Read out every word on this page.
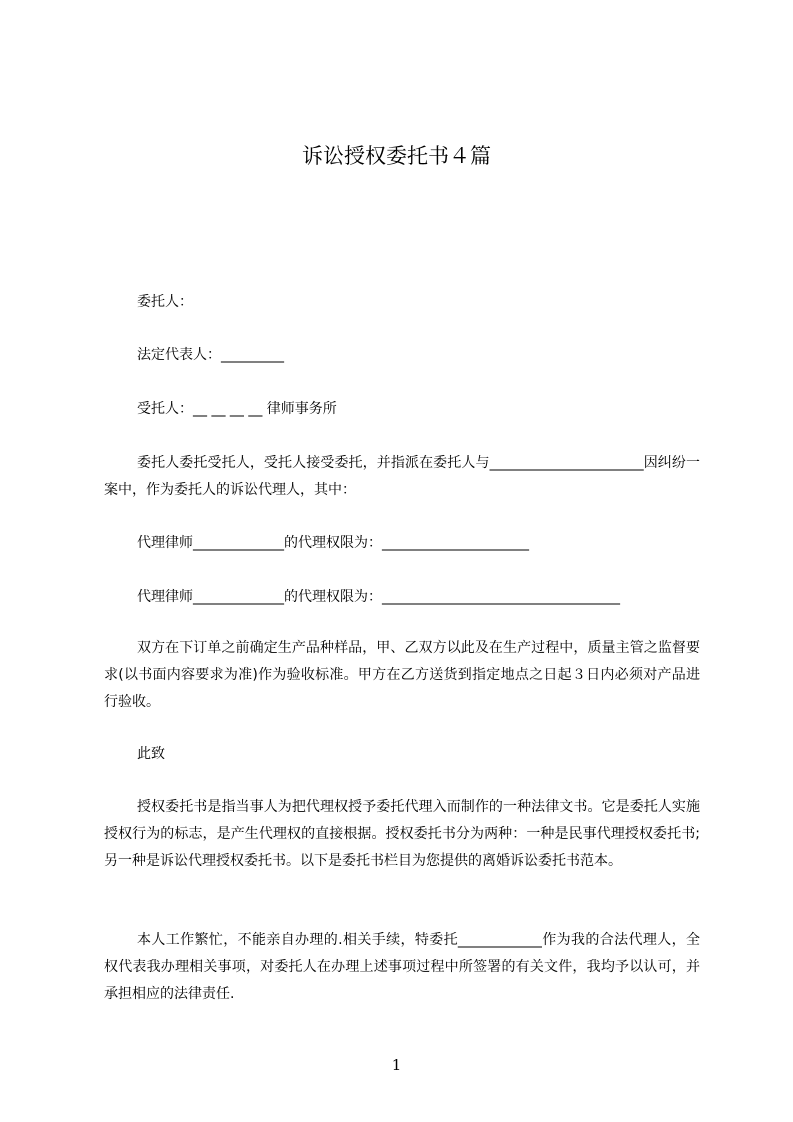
诉讼授权委托书４篇

委托人：

法定代表人：_________

受托人：__ __ __ __ 律师事务所

委托人委托受托人，受托人接受委托，并指派在委托人与______________________因纠纷一案中，作为委托人的诉讼代理人，其中：

代理律师_____________的代理权限为：_____________________

代理律师_____________的代理权限为：__________________________________

双方在下订单之前确定生产品种样品，甲、乙双方以此及在生产过程中，质量主管之监督要求(以书面内容要求为准)作为验收标准。甲方在乙方送货到指定地点之日起３日内必须对产品进行验收。

此致

授权委托书是指当事人为把代理权授予委托代理入而制作的一种法律文书。它是委托人实施授权行为的标志，是产生代理权的直接根据。授权委托书分为两种：一种是民事代理授权委托书;另一种是诉讼代理授权委托书。以下是委托书栏目为您提供的离婚诉讼委托书范本。

本人工作繁忙，不能亲自办理的.相关手续，特委托____________作为我的合法代理人，全权代表我办理相关事项，对委托人在办理上述事项过程中所签署的有关文件，我均予以认可，并承担相应的法律责任.

1
